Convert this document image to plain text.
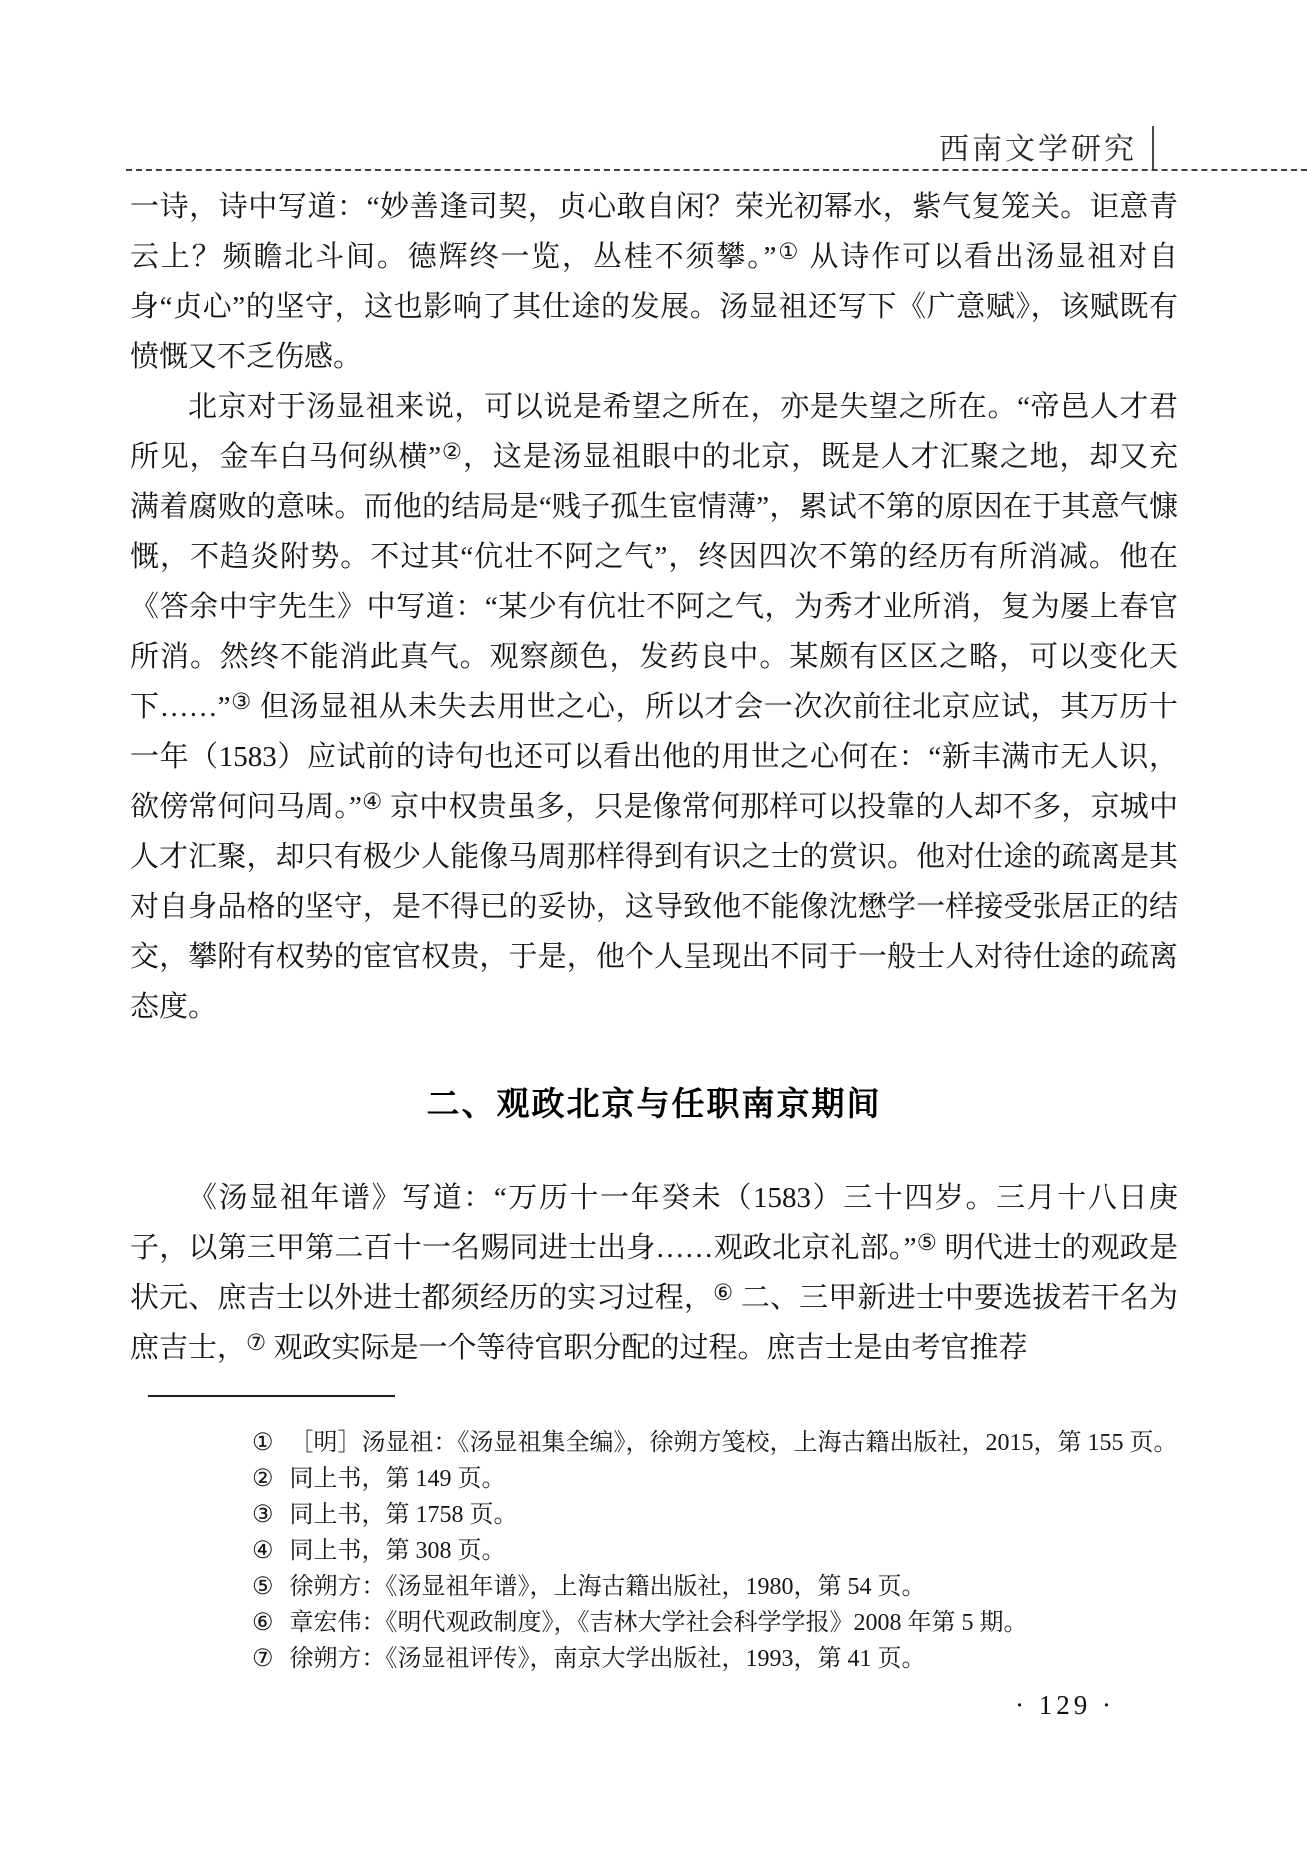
西南文学研究

一诗，诗中写道：“妙善逢司契，贞心敢自闲？荣光初幂水，紫气复笼关。讵意青云上？频瞻北斗间。德辉终一览，丛桂不须攀。”① 从诗作可以看出汤显祖对自身“贞心”的坚守，这也影响了其仕途的发展。汤显祖还写下《广意赋》，该赋既有愤慨又不乏伤感。

北京对于汤显祖来说，可以说是希望之所在，亦是失望之所在。“帝邑人才君所见，金车白马何纵横”②，这是汤显祖眼中的北京，既是人才汇聚之地，却又充满着腐败的意味。而他的结局是“贱子孤生宦情薄”，累试不第的原因在于其意气慷慨，不趋炎附势。不过其“伉壮不阿之气”，终因四次不第的经历有所消减。他在《答余中宇先生》中写道：“某少有伉壮不阿之气，为秀才业所消，复为屡上春官所消。然终不能消此真气。观察颜色，发药良中。某颇有区区之略，可以变化天下……”③ 但汤显祖从未失去用世之心，所以才会一次次前往北京应试，其万历十一年（1583）应试前的诗句也还可以看出他的用世之心何在：“新丰满市无人识，欲傍常何问马周。”④ 京中权贵虽多，只是像常何那样可以投靠的人却不多，京城中人才汇聚，却只有极少人能像马周那样得到有识之士的赏识。他对仕途的疏离是其对自身品格的坚守，是不得已的妥协，这导致他不能像沈懋学一样接受张居正的结交，攀附有权势的宦官权贵，于是，他个人呈现出不同于一般士人对待仕途的疏离态度。

二、观政北京与任职南京期间

《汤显祖年谱》写道：“万历十一年癸未（1583）三十四岁。三月十八日庚子，以第三甲第二百十一名赐同进士出身……观政北京礼部。”⑤ 明代进士的观政是状元、庶吉士以外进士都须经历的实习过程，⑥ 二、三甲新进士中要选拔若干名为庶吉士，⑦ 观政实际是一个等待官职分配的过程。庶吉士是由考官推荐

① ［明］汤显祖：《汤显祖集全编》，徐朔方笺校，上海古籍出版社，2015，第 155 页。
② 同上书，第 149 页。
③ 同上书，第 1758 页。
④ 同上书，第 308 页。
⑤ 徐朔方：《汤显祖年谱》，上海古籍出版社，1980，第 54 页。
⑥ 章宏伟：《明代观政制度》，《吉林大学社会科学学报》2008 年第 5 期。
⑦ 徐朔方：《汤显祖评传》，南京大学出版社，1993，第 41 页。
· 129 ·
